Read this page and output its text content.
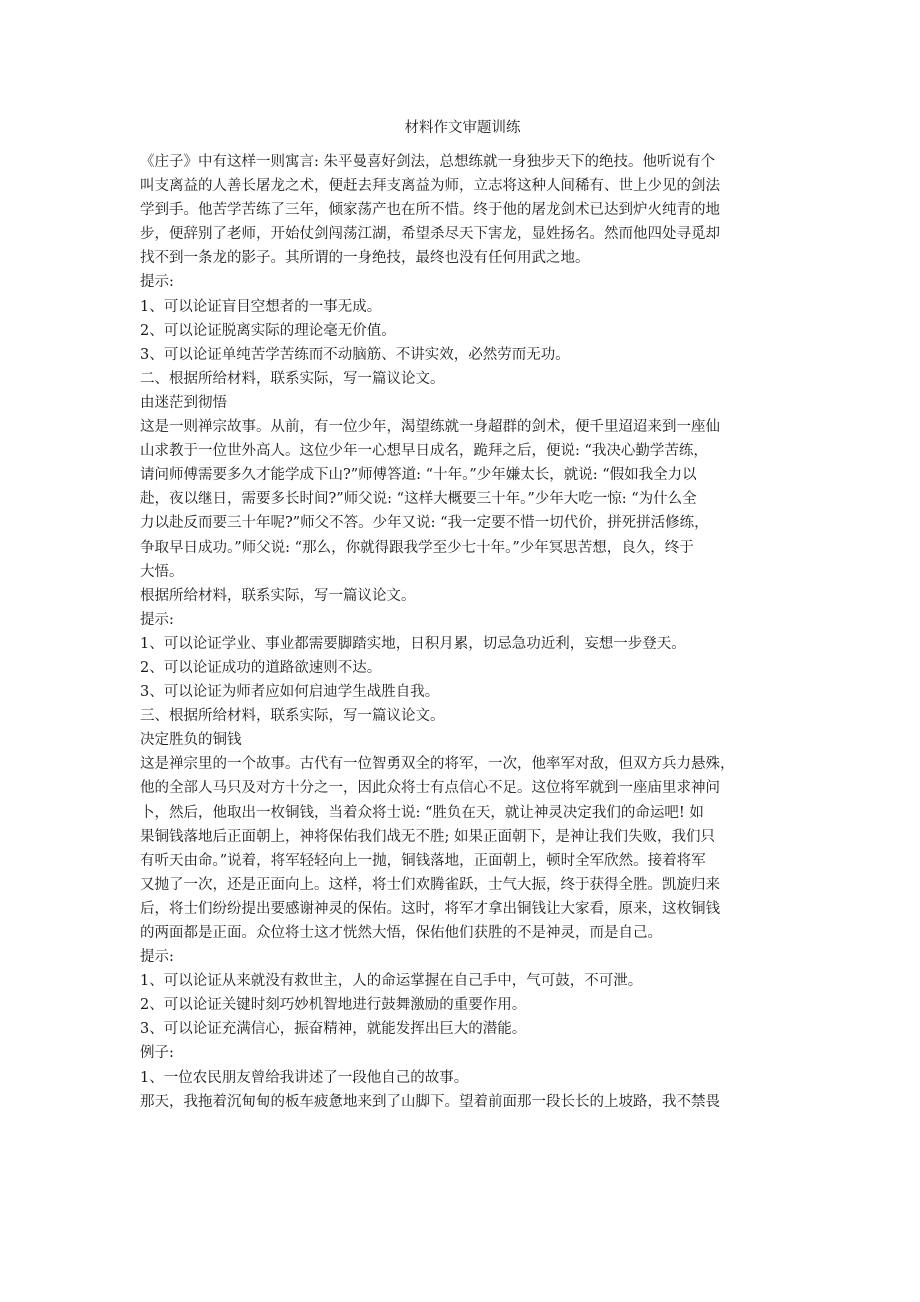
材料作文审题训练

《庄子》中有这样一则寓言: 朱平曼喜好剑法，总想练就一身独步天下的绝技。他听说有个

叫支离益的人善长屠龙之术，便赶去拜支离益为师，立志将这种人间稀有、世上少见的剑法

学到手。他苦学苦练了三年，倾家荡产也在所不惜。终于他的屠龙剑术已达到炉火纯青的地

步，便辞别了老师，开始仗剑闯荡江湖，希望杀尽天下害龙，显姓扬名。然而他四处寻觅却

找不到一条龙的影子。其所谓的一身绝技，最终也没有任何用武之地。

提示:

1、可以论证盲目空想者的一事无成。

2、可以论证脱离实际的理论毫无价值。

3、可以论证单纯苦学苦练而不动脑筋、不讲实效，必然劳而无功。

二、根据所给材料，联系实际，写一篇议论文。

由迷茫到彻悟

这是一则禅宗故事。从前，有一位少年，渴望练就一身超群的剑术，便千里迢迢来到一座仙

山求教于一位世外高人。这位少年一心想早日成名，跪拜之后，便说: “我决心勤学苦练，

请问师傅需要多久才能学成下山?”师傅答道: “十年。”少年嫌太长，就说: “假如我全力以

赴，夜以继日，需要多长时间?”师父说: “这样大概要三十年。”少年大吃一惊: “为什么全

力以赴反而要三十年呢?”师父不答。少年又说: “我一定要不惜一切代价，拼死拼活修练，

争取早日成功。”师父说: “那么，你就得跟我学至少七十年。”少年冥思苦想，良久，终于

大悟。

根据所给材料，联系实际，写一篇议论文。

提示:

1、可以论证学业、事业都需要脚踏实地，日积月累，切忌急功近利，妄想一步登天。

2、可以论证成功的道路欲速则不达。

3、可以论证为师者应如何启迪学生战胜自我。

三、根据所给材料，联系实际，写一篇议论文。

决定胜负的铜钱

这是禅宗里的一个故事。古代有一位智勇双全的将军，一次，他率军对敌，但双方兵力悬殊，

他的全部人马只及对方十分之一，因此众将士有点信心不足。这位将军就到一座庙里求神问

卜，然后，他取出一枚铜钱，当着众将士说: “胜负在天，就让神灵决定我们的命运吧! 如

果铜钱落地后正面朝上，神将保佑我们战无不胜; 如果正面朝下，是神让我们失败，我们只

有听天由命。”说着，将军轻轻向上一抛，铜钱落地，正面朝上，顿时全军欣然。接着将军

又抛了一次，还是正面向上。这样，将士们欢腾雀跃，士气大振，终于获得全胜。凯旋归来

后，将士们纷纷提出要感谢神灵的保佑。这时，将军才拿出铜钱让大家看，原来，这枚铜钱

的两面都是正面。众位将士这才恍然大悟，保佑他们获胜的不是神灵，而是自己。

提示:

1、可以论证从来就没有救世主，人的命运掌握在自己手中，气可鼓，不可泄。

2、可以论证关键时刻巧妙机智地进行鼓舞激励的重要作用。

3、可以论证充满信心，振奋精神，就能发挥出巨大的潜能。

例子:

1、一位农民朋友曾给我讲述了一段他自己的故事。

那天，我拖着沉甸甸的板车疲惫地来到了山脚下。望着前面那一段长长的上坡路，我不禁畏
